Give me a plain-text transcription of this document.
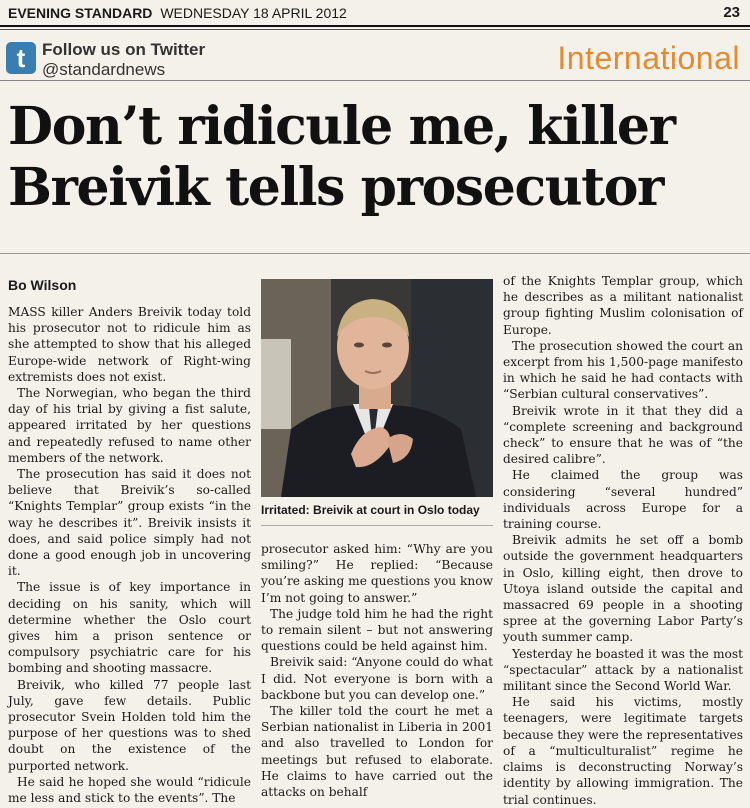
EVENING STANDARD WEDNESDAY 18 APRIL 2012	23
t Follow us on Twitter
@standardnews	International
Don’t ridicule me, killer Breivik tells prosecutor
Bo Wilson

MASS killer Anders Breivik today told his prosecutor not to ridicule him as she attempted to show that his alleged Europe-wide network of Right-wing extremists does not exist.

The Norwegian, who began the third day of his trial by giving a fist salute, appeared irritated by her questions and repeatedly refused to name other members of the network.

The prosecution has said it does not believe that Breivik’s so-called “Knights Templar” group exists “in the way he describes it”. Breivik insists it does, and said police simply had not done a good enough job in uncovering it.

The issue is of key importance in deciding on his sanity, which will determine whether the Oslo court gives him a prison sentence or compulsory psychiatric care for his bombing and shooting massacre.

Breivik, who killed 77 people last July, gave few details. Public prosecutor Svein Holden told him the purpose of her questions was to shed doubt on the existence of the purported network.

He said he hoped she would “ridicule me less and stick to the events”. The

Irritated: Breivik at court in Oslo today

prosecutor asked him: “Why are you smiling?” He replied: “Because you’re asking me questions you know I’m not going to answer.”

The judge told him he had the right to remain silent – but not answering questions could be held against him.

Breivik said: “Anyone could do what I did. Not everyone is born with a backbone but you can develop one.”

The killer told the court he met a Serbian nationalist in Liberia in 2001 and also travelled to London for meetings but refused to elaborate. He claims to have carried out the attacks on behalf

of the Knights Templar group, which he describes as a militant nationalist group fighting Muslim colonisation of Europe.

The prosecution showed the court an excerpt from his 1,500-page manifesto in which he said he had contacts with “Serbian cultural conservatives”.

Breivik wrote in it that they did a “complete screening and background check” to ensure that he was of “the desired calibre”.

He claimed the group was considering “several hundred” individuals across Europe for a training course.

Breivik admits he set off a bomb outside the government headquarters in Oslo, killing eight, then drove to Utoya island outside the capital and massacred 69 people in a shooting spree at the governing Labor Party’s youth summer camp.

Yesterday he boasted it was the most “spectacular” attack by a nationalist militant since the Second World War.

He said his victims, mostly teenagers, were legitimate targets because they were the representatives of a “multiculturalist” regime he claims is deconstructing Norway’s identity by allowing immigration. The trial continues.
